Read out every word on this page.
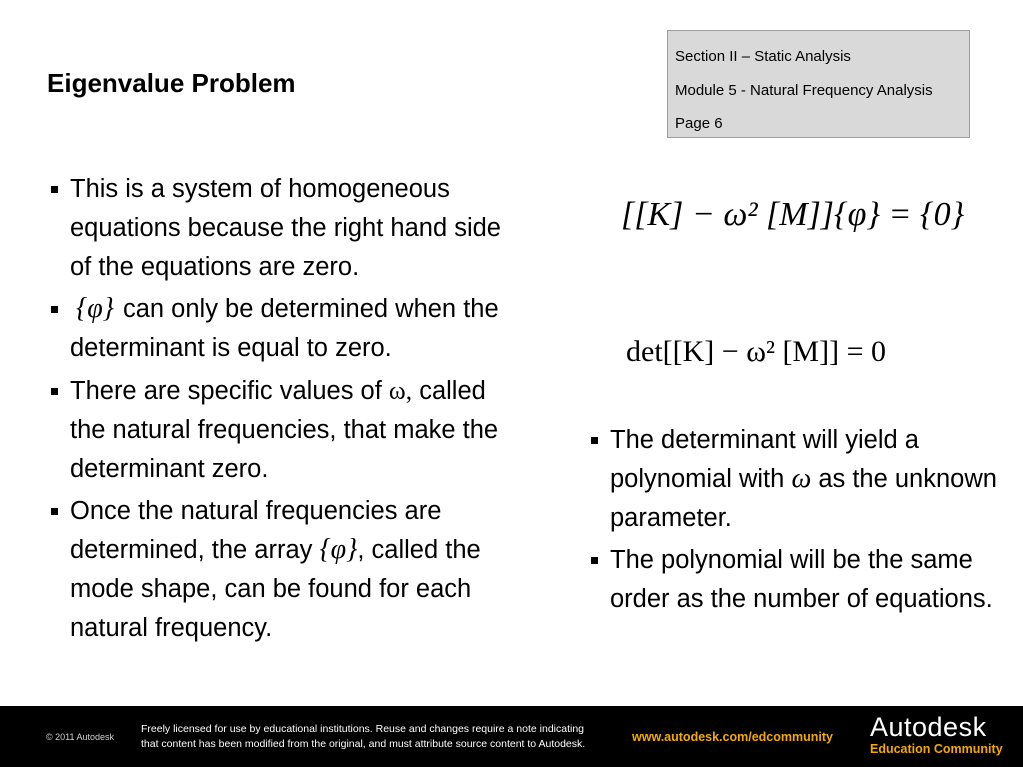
Eigenvalue Problem
Section II – Static Analysis
Module 5 - Natural Frequency Analysis
Page 6
This is a system of homogeneous equations because the right hand side of the equations are zero.
{φ} can only be determined when the determinant is equal to zero.
There are specific values of ω, called the natural frequencies, that make the determinant zero.
Once the natural frequencies are determined, the array {φ}, called the mode shape, can be found for each natural frequency.
[[K] − ω² [M]]{φ} = {0}
det[[K] − ω² [M]] = 0
The determinant will yield a polynomial with ω as the unknown parameter.
The polynomial will be the same order as the number of equations.
© 2011 Autodesk
Freely licensed for use by educational institutions. Reuse and changes require a note indicating
that content has been modified from the original, and must attribute source content to Autodesk.	www.autodesk.com/edcommunity Autodesk
Education Community
